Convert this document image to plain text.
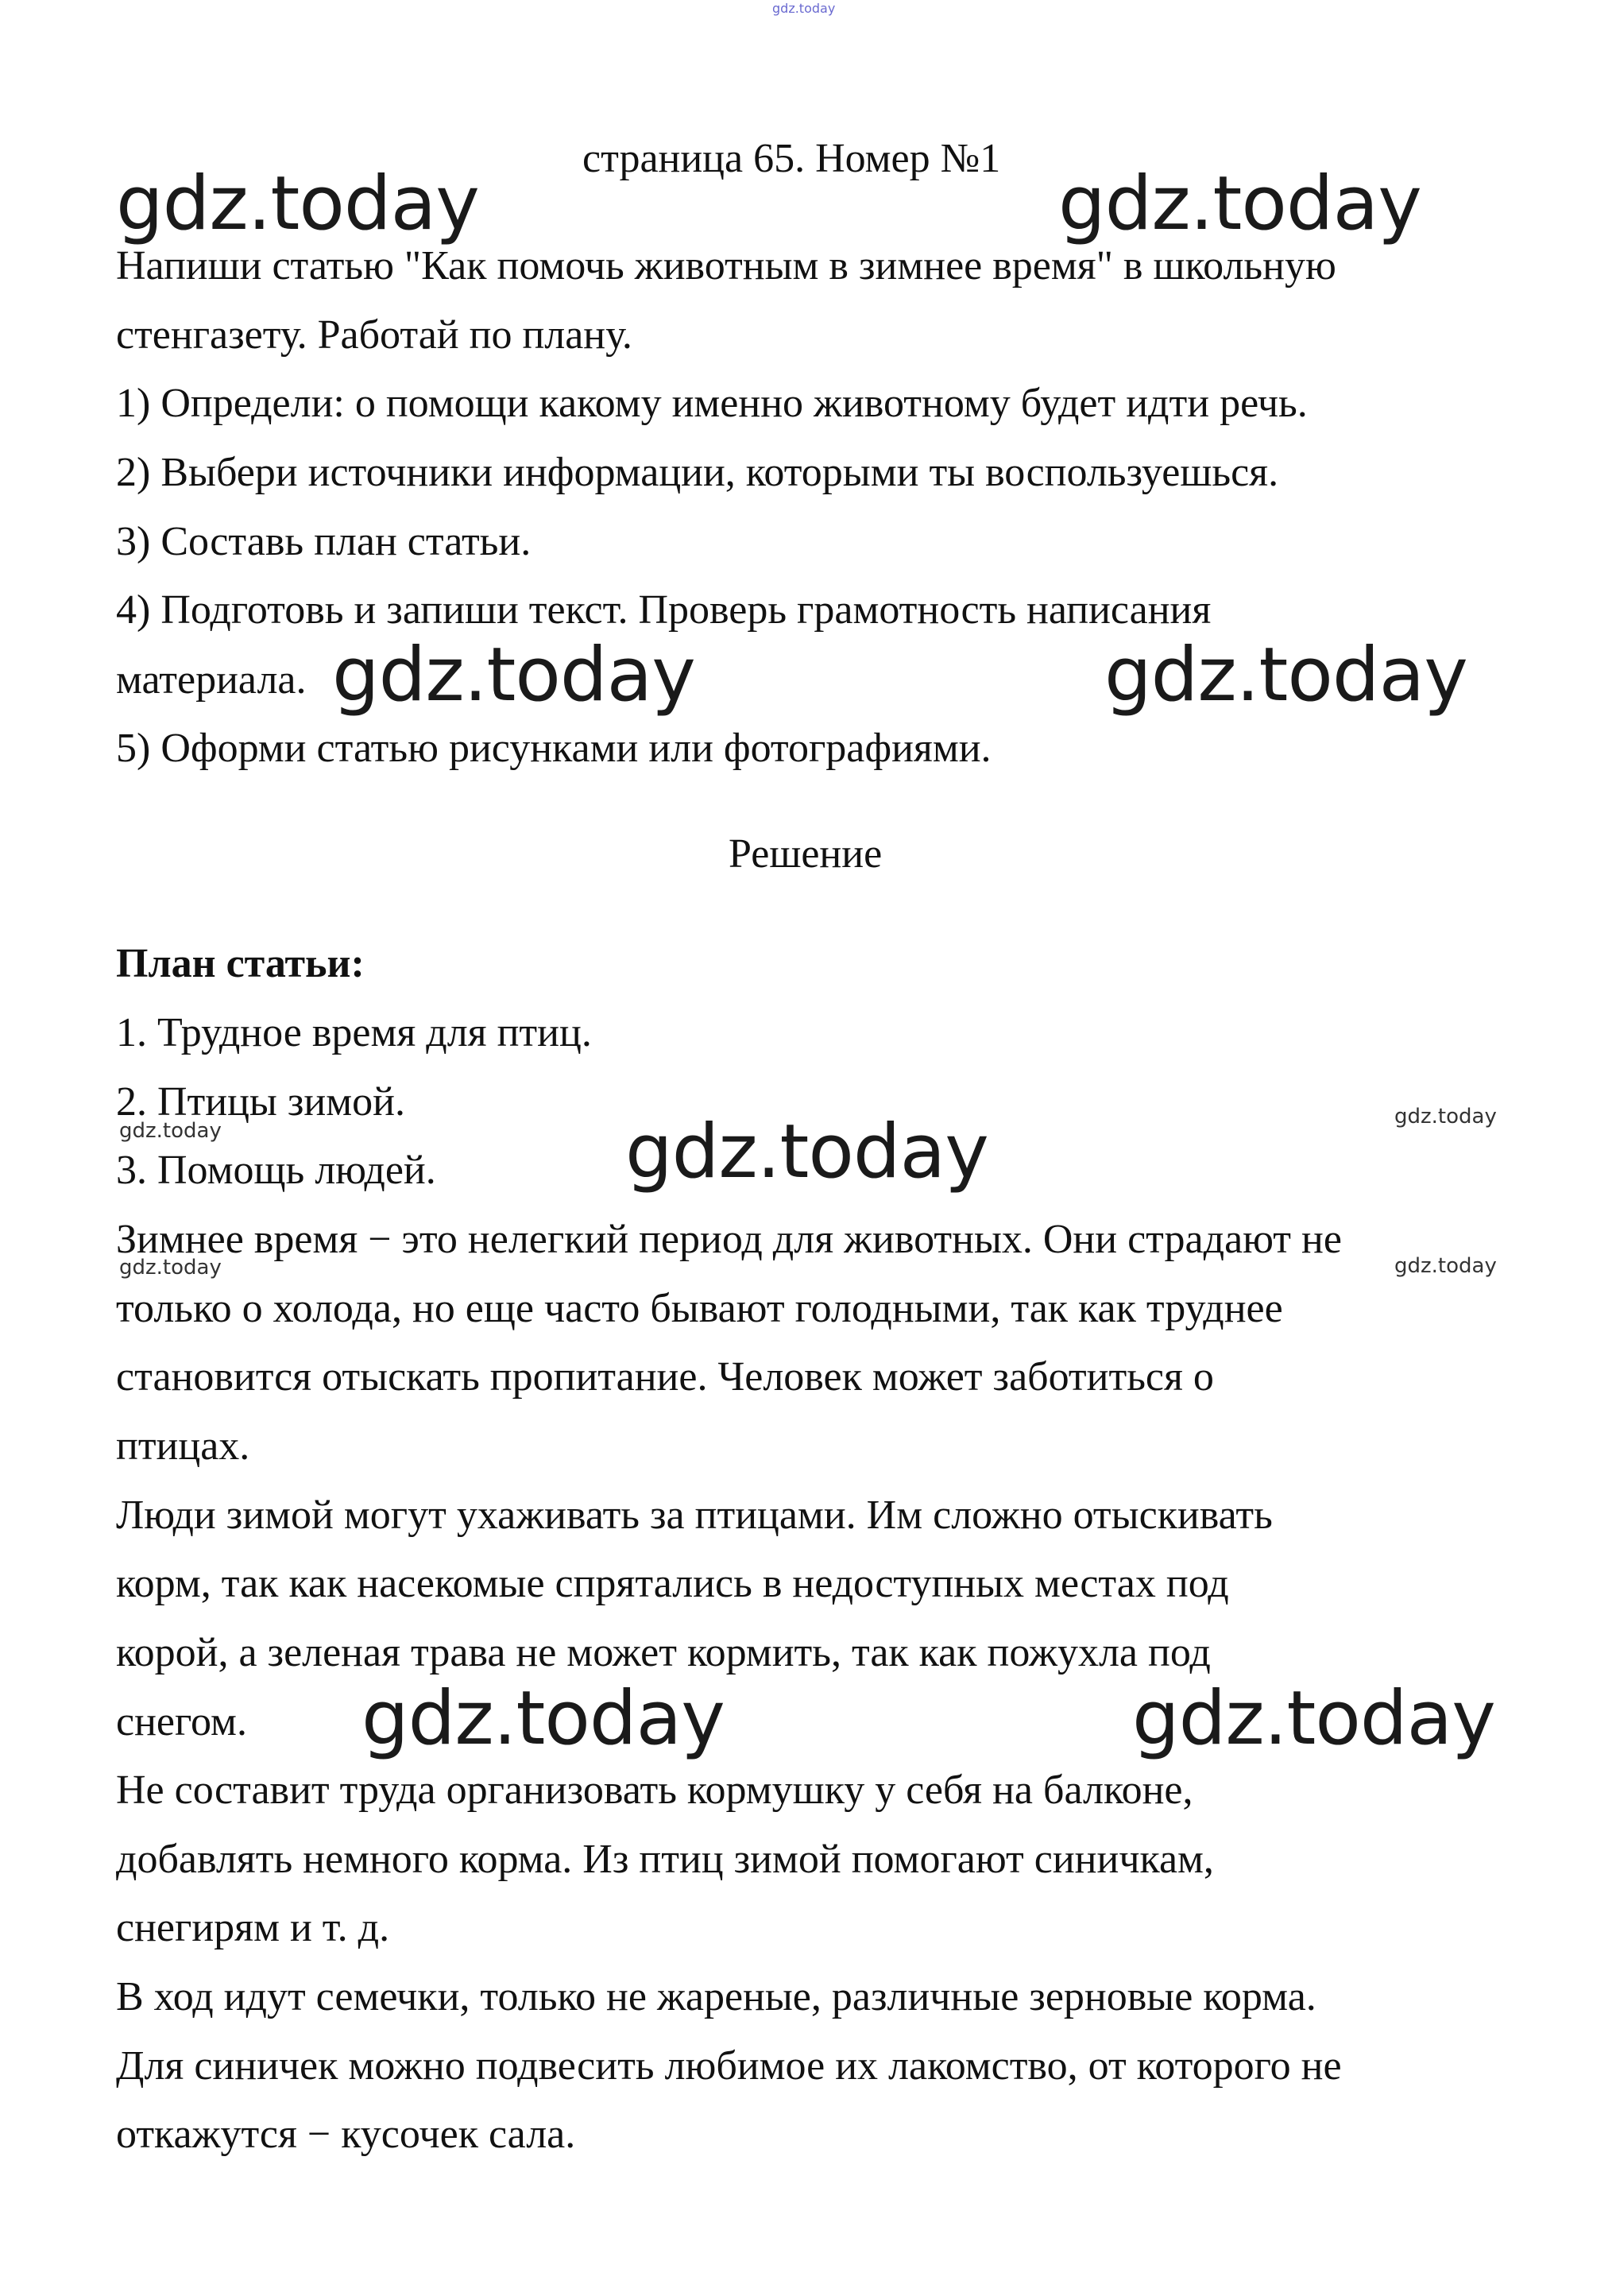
gdz.today
страница 65. Номер №1
gdz.today	gdz.today
Напиши статью "Как помочь животным в зимнее время" в школьную
стенгазету. Работай по плану.
1) Определи: о помощи какому именно животному будет идти речь.
2) Выбери источники информации, которыми ты воспользуешься.
3) Составь план статьи.
4) Подготовь и запиши текст. Проверь грамотность написания
материала.
5) Оформи статью рисунками или фотографиями.
gdz.today	gdz.today
Решение
План статьи:
1. Трудное время для птиц.
2. Птицы зимой.
3. Помощь людей.
gdz.today
gdz.today
gdz.today	gdz.today
gdz.today
Зимнее время − это нелегкий период для животных. Они страдают не
только о холода, но еще часто бывают голодными, так как труднее
становится отыскать пропитание. Человек может заботиться о
птицах.
Люди зимой могут ухаживать за птицами. Им сложно отыскивать
корм, так как насекомые спрятались в недоступных местах под
корой, а зеленая трава не может кормить, так как пожухла под
снегом.
Не составит труда организовать кормушку у себя на балконе,
добавлять немного корма. Из птиц зимой помогают синичкам,
снегирям и т. д.
В ход идут семечки, только не жареные, различные зерновые корма.
Для синичек можно подвесить любимое их лакомство, от которого не
откажутся − кусочек сала.
gdz.today	gdz.today
